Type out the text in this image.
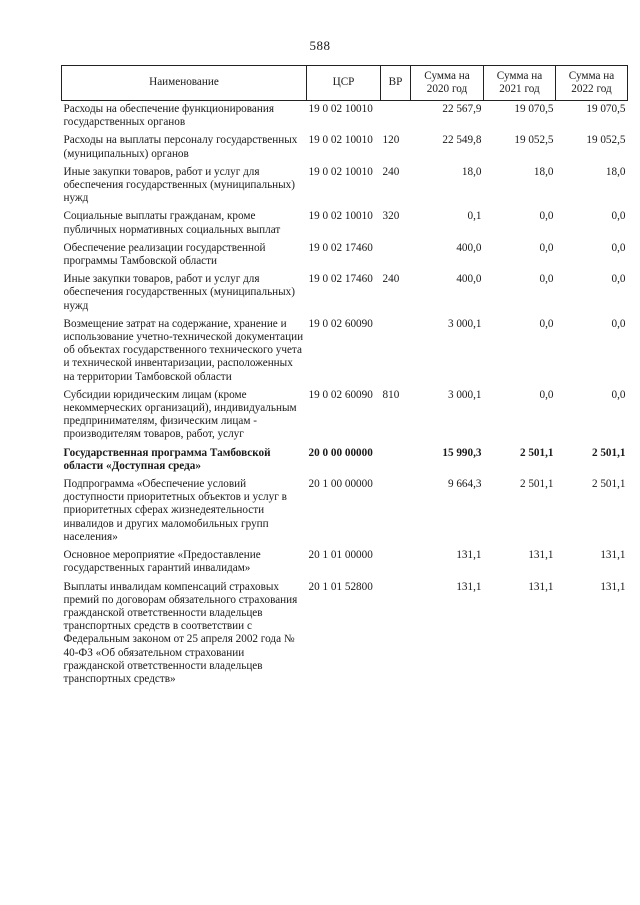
588
Наименование	ЦСР	ВР	Сумма на 2020 год	Сумма на 2021 год	Сумма на 2022 год
Расходы на обеспечение функционирования государственных органов	19 0 02 10010		22 567,9	19 070,5	19 070,5
Расходы на выплаты персоналу государственных (муниципальных) органов	19 0 02 10010	120	22 549,8	19 052,5	19 052,5
Иные закупки товаров, работ и услуг для обеспечения государственных (муниципальных) нужд	19 0 02 10010	240	18,0	18,0	18,0
Социальные выплаты гражданам, кроме публичных нормативных социальных выплат	19 0 02 10010	320	0,1	0,0	0,0
Обеспечение реализации государственной программы Тамбовской области	19 0 02 17460		400,0	0,0	0,0
Иные закупки товаров, работ и услуг для обеспечения государственных (муниципальных) нужд	19 0 02 17460	240	400,0	0,0	0,0
Возмещение затрат на содержание, хранение и использование учетно-технической документации об объектах государственного технического учета и технической инвентаризации, расположенных на территории Тамбовской области	19 0 02 60090		3 000,1	0,0	0,0
Субсидии юридическим лицам (кроме некоммерческих организаций), индивидуальным предпринимателям, физическим лицам - производителям товаров, работ, услуг	19 0 02 60090	810	3 000,1	0,0	0,0
Государственная программа Тамбовской области «Доступная среда»	20 0 00 00000		15 990,3	2 501,1	2 501,1
Подпрограмма «Обеспечение условий доступности приоритетных объектов и услуг в приоритетных сферах жизнедеятельности инвалидов и других маломобильных групп населения»	20 1 00 00000		9 664,3	2 501,1	2 501,1
Основное мероприятие «Предоставление государственных гарантий инвалидам»	20 1 01 00000		131,1	131,1	131,1
Выплаты инвалидам компенсаций страховых премий по договорам обязательного страхования гражданской ответственности владельцев транспортных средств в соответствии с Федеральным законом от 25 апреля 2002 года № 40-ФЗ «Об обязательном страховании гражданской ответственности владельцев транспортных средств»	20 1 01 52800		131,1	131,1	131,1
